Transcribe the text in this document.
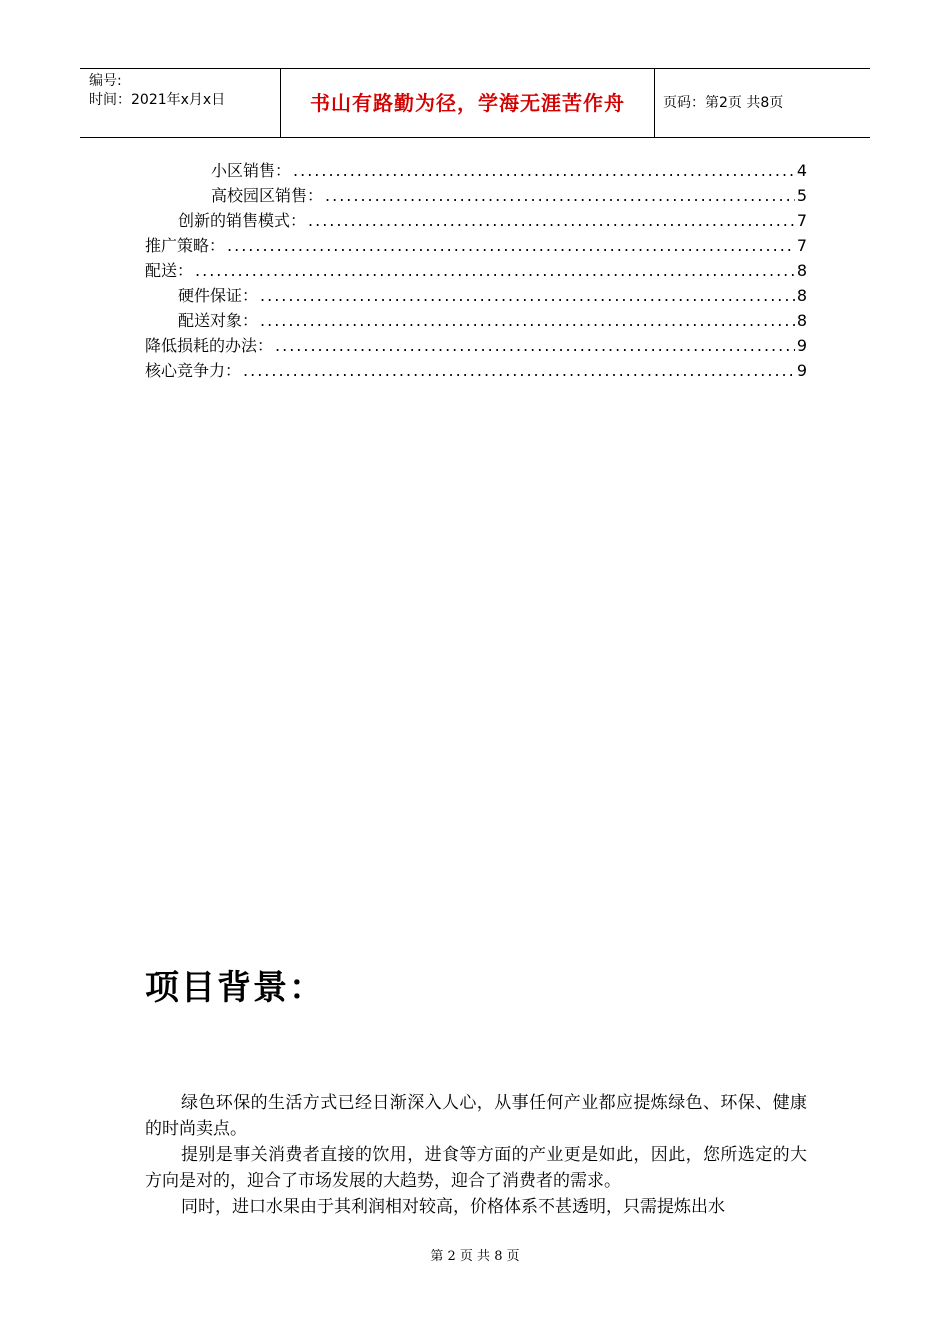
编号:
时间：2021年x月x日	书山有路勤为径，学海无涯苦作舟	页码：第2页 共8页
小区销售： .....	4
高校园区销售： .....	5
创新的销售模式： .....	7
推广策略： .....	7
配送： .....	8
硬件保证： .....	8
配送对象： .....	8
降低损耗的办法： .....	9
核心竞争力： .....	9
项目背景：

绿色环保的生活方式已经日渐深入人心，从事任何产业都应提炼绿色、环保、健康的时尚卖点。

提别是事关消费者直接的饮用，进食等方面的产业更是如此，因此，您所选定的大方向是对的，迎合了市场发展的大趋势，迎合了消费者的需求。

同时，进口水果由于其利润相对较高，价格体系不甚透明，只需提炼出水

第 2 页 共 8 页
